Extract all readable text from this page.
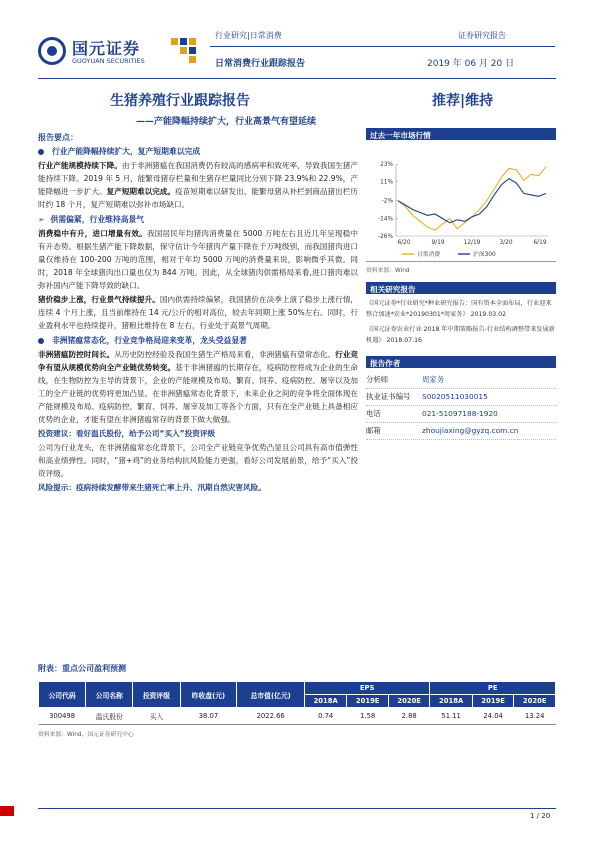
国元证券
GUOYUAN SECURITIES
行业研究|日常消费	证券研究报告
日常消费行业跟踪报告	2019 年 06 月 20 日
生猪养殖行业跟踪报告	推荐|维持
——产能降幅持续扩大，行业高景气有望延续
报告要点：
行业产能降幅持续扩大，复产短期难以完成

行业产能规模持续下降。由于非洲猪瘟在我国消费仍有较高的感病率和致死率，导致我国生猪产能持续下降。2019 年 5 月，能繁母猪存栏量和生猪存栏量同比分别下降 23.9%和 22.9%，产能降幅进一步扩大。复产短期难以完成。疫苗短期难以研发出、能繁母猪从补栏到商品猪出栏历时约 18 个月，复产短期难以弥补市场缺口。

➢ 供需偏紧，行业维持高景气

消费稳中有升，进口增量有效。我国居民年均猪肉消费量在 5000 万吨左右且近几年呈现稳中有升态势。根据生猪产能下降数据，保守估计今年猪肉产量下降在千万吨级别，而我国猪肉进口量仅维持在 100-200 万吨的范围，相对于年均 5000 万吨的消费量来说，影响微乎其微。同时，2018 年全球猪肉出口量也仅为 844 万吨。因此，从全球猪肉供需格局来看,进口猪肉难以弥补国内产能下降导致的缺口。

猪价稳步上涨，行业景气持续提升。国内供需持续偏紧，我国猪价在淡季上演了稳步上涨行情，连续 4 个月上涨，且当前维持在 14 元/公斤的相对高位，较去年同期上涨 50%左右。同时，行业盈利水平也持续提升，猪粮比维持在 8 左右，行业处于高景气周期。

非洲猪瘟常态化，行业竞争格局迎来变革，龙头受益显著

非洲猪瘟防控时间长。从历史防控经验及我国生猪生产格局来看，非洲猪瘟有望常态化。行业竞争有望从规模优势向全产业链优势转变。基于非洲猪瘟的长期存在，疫病防控将成为企业的生命线，在生物防控为主导的背景下，企业的产能规模及布局、繁育、饲养、疫病防控、屠宰以及加工的全产业链的优势将更加凸显。在非洲猪瘟常态化背景下，未来企业之间的竞争将全面体现在产能规模及布局、疫病防控、繁育、饲养、屠宰及加工等各个方面，只有在全产业链上具备相应优势的企业，才能有望在非洲猪瘟常存的背景下做大做强。

投资建议：看好温氏股份，给予公司“买入”投资评级

公司为行业龙头，在非洲猪瘟常态化背景下，公司全产业链竞争优势凸显且公司具有高市值弹性和高业绩弹性。同时，“猪+鸡”的业务结构抗风险能力更强，看好公司发展前景，给予“买入”投资评级。

风险提示：疫病持续发酵带来生猪死亡率上升、汛期自然灾害风险。

过去一年市场行情
23%
11%
-2%
-14%
-26%
6/20	9/19	12/19	3/20	6/19
日常消费	沪深300
资料来源：Wind
相关研究报告
《国元证券*行业研究*种业研究报告：国有资本全面布局，行业迎来整合加速*农业*20190301*周家务》 2019.03.02
《国元证券农业行业 2018 年中期策略报告-行业结构调整带来发展新机遇》 2018.07.16
报告作者
分析师	周家务
执业证书编号	S0020511030015
电话	021-51097188-1920
邮箱	zhoujiaxing@gyzq.com.cn
附表：重点公司盈利预测
公司代码	公司名称	投资评级	昨收盘(元)	总市值(亿元)	EPS			PE		
					2018A	2019E	2020E	2018A	2019E	2020E
300498	温氏股份	买入	38.07	2022.66	0.74	1.58	2.88	51.11	24.04	13.24
资料来源：Wind，国元证券研究中心
1 / 20
